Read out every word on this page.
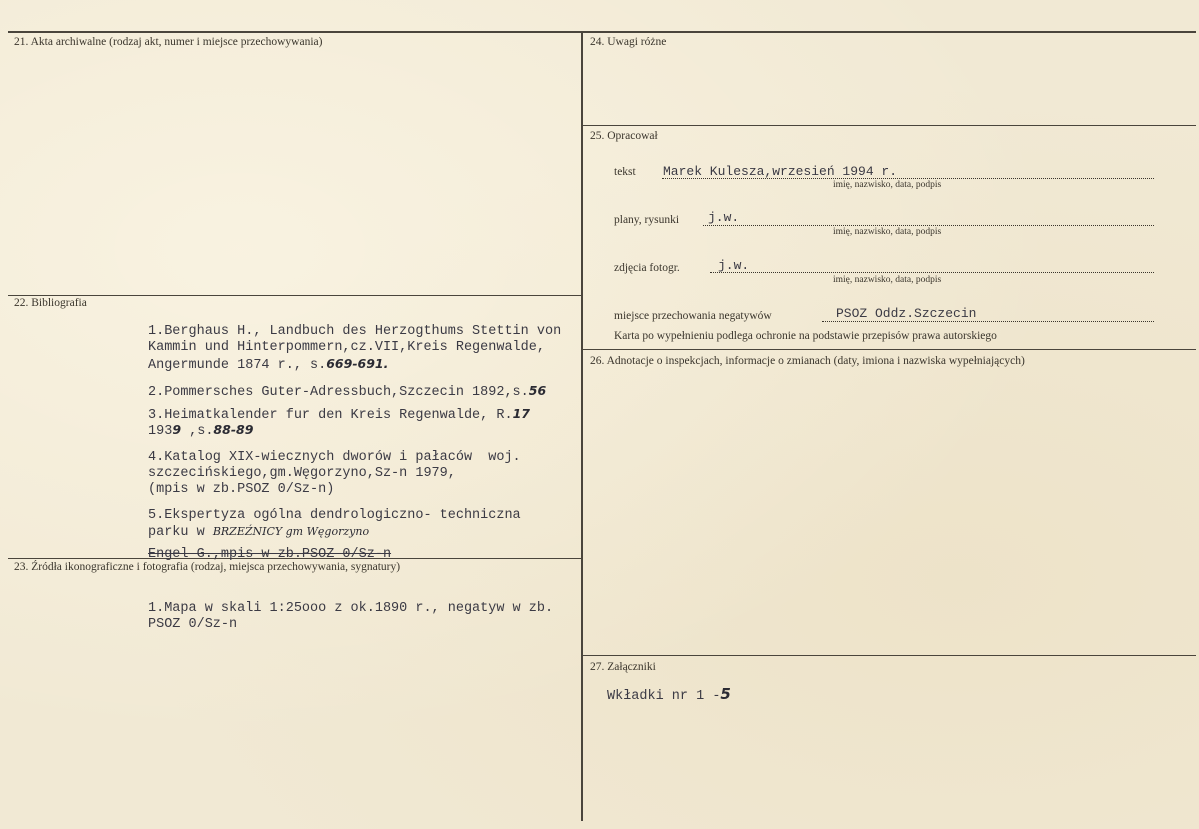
21. Akta archiwalne (rodzaj akt, numer i miejsce przechowywania)
22. Bibliografia
1.Berghaus H., Landbuch des Herzogthums Stettin von
Kammin und Hinterpommern,cz.VII,Kreis Regenwalde,
Angermunde 1874 r., s.669-691.
2.Pommersches Guter-Adressbuch,Szczecin 1892,s.56
3.Heimatkalender fur den Kreis Regenwalde, R.17
1939 ,s.88-89
4.Katalog XIX-wiecznych dworów i pałaców  woj.
szczecińskiego,gm.Węgorzyno,Sz-n 1979,
(mpis w zb.PSOZ 0/Sz-n)
5.Ekspertyza ogólna dendrologiczno- techniczna
parku w BRZEŹNICY gm Węgorzyno
Engel G.,mpis w zb.PSOZ 0/Sz-n
23. Źródła ikonograficzne i fotografia (rodzaj, miejsca przechowywania, sygnatury)
1.Mapa w skali 1:25ooo z ok.1890 r., negatyw w zb.
PSOZ 0/Sz-n
24. Uwagi różne
25. Opracował
tekst Marek Kulesza,wrzesień 1994 r.
imię, nazwisko, data, podpis
plany, rysunki j.w.
imię, nazwisko, data, podpis
zdjęcia fotogr.	j.w.
imię, nazwisko, data, podpis
miejsce przechowania negatywów	PSOZ Oddz.Szczecin
Karta po wypełnieniu podlega ochronie na podstawie przepisów prawa autorskiego
26. Adnotacje o inspekcjach, informacje o zmianach (daty, imiona i nazwiska wypełniających)
27. Załączniki
Wkładki nr 1 -5
